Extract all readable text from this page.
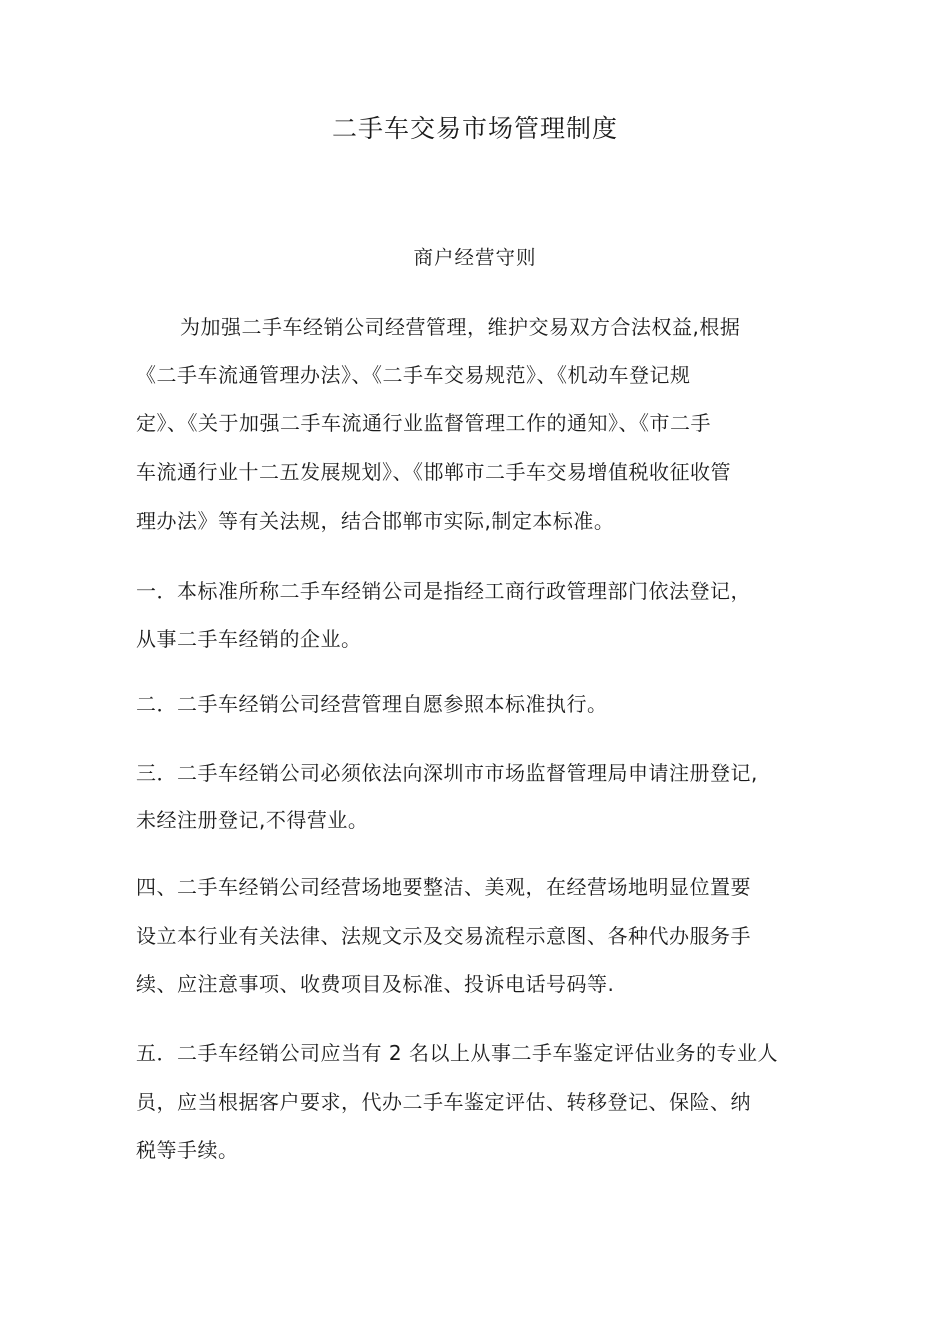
二手车交易市场管理制度
商户经营守则
为加强二手车经销公司经营管理，维护交易双方合法权益,根据
《二手车流通管理办法》、《二手车交易规范》、《机动车登记规
定》、《关于加强二手车流通行业监督管理工作的通知》、《市二手
车流通行业十二五发展规划》、《邯郸市二手车交易增值税收征收管
理办法》等有关法规，结合邯郸市实际,制定本标准。
一．本标准所称二手车经销公司是指经工商行政管理部门依法登记，
从事二手车经销的企业。
二．二手车经销公司经营管理自愿参照本标准执行。
三．二手车经销公司必须依法向深圳市市场监督管理局申请注册登记,
未经注册登记,不得营业。
四、二手车经销公司经营场地要整洁、美观，在经营场地明显位置要
设立本行业有关法律、法规文示及交易流程示意图、各种代办服务手
续、应注意事项、收费项目及标准、投诉电话号码等.
五．二手车经销公司应当有 2 名以上从事二手车鉴定评估业务的专业人
员，应当根据客户要求，代办二手车鉴定评估、转移登记、保险、纳
税等手续。
